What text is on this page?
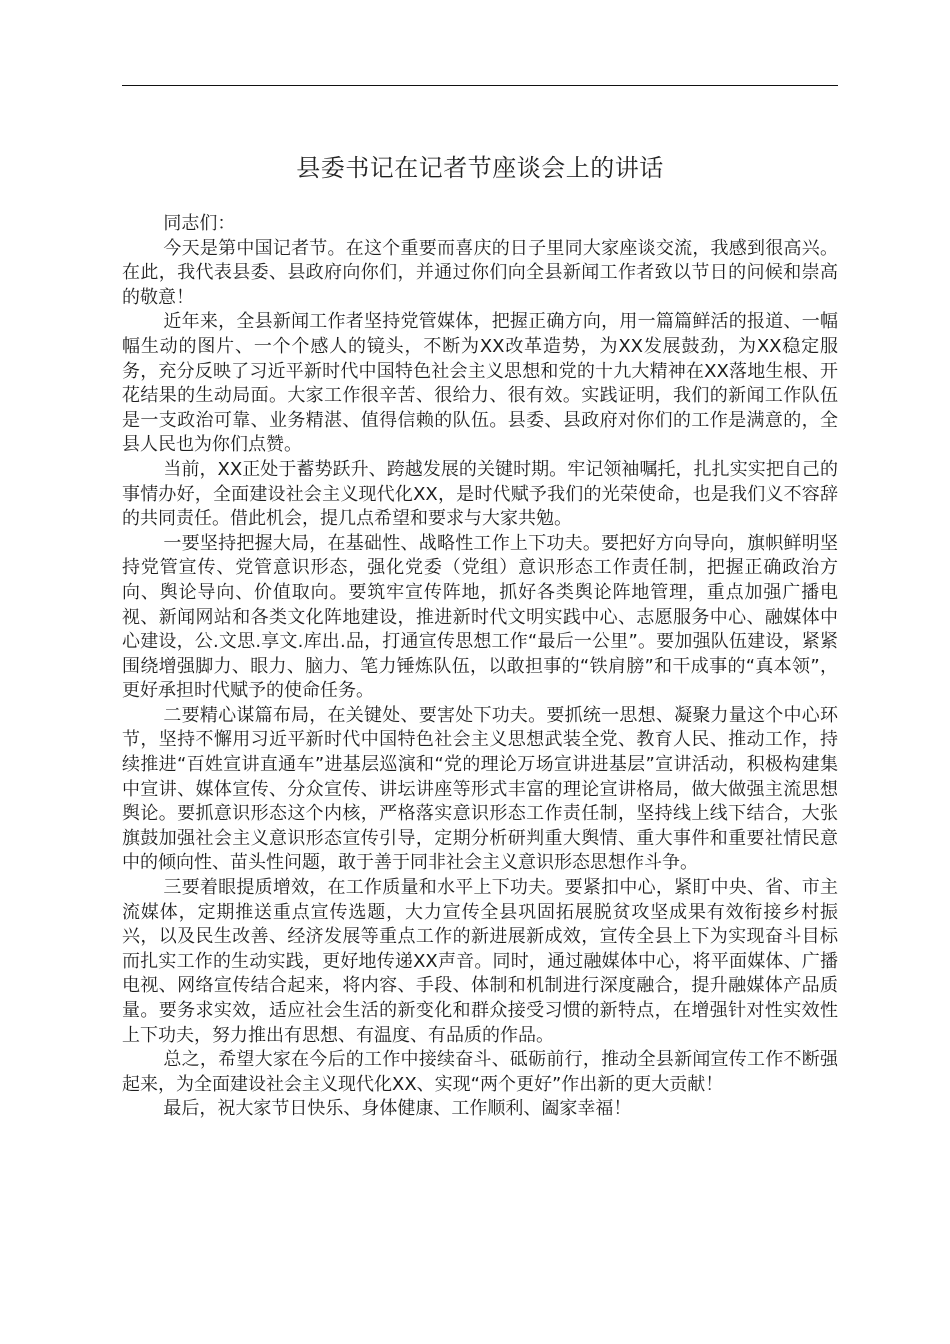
县委书记在记者节座谈会上的讲话

同志们：

今天是第中国记者节。在这个重要而喜庆的日子里同大家座谈交流，我感到很高兴。在此，我代表县委、县政府向你们，并通过你们向全县新闻工作者致以节日的问候和崇高的敬意！

近年来，全县新闻工作者坚持党管媒体，把握正确方向，用一篇篇鲜活的报道、一幅幅生动的图片、一个个感人的镜头，不断为XX改革造势，为XX发展鼓劲，为XX稳定服务，充分反映了习近平新时代中国特色社会主义思想和党的十九大精神在XX落地生根、开花结果的生动局面。大家工作很辛苦、很给力、很有效。实践证明，我们的新闻工作队伍是一支政治可靠、业务精湛、值得信赖的队伍。县委、县政府对你们的工作是满意的，全县人民也为你们点赞。

当前，XX正处于蓄势跃升、跨越发展的关键时期。牢记领袖嘱托，扎扎实实把自己的事情办好，全面建设社会主义现代化XX，是时代赋予我们的光荣使命，也是我们义不容辞的共同责任。借此机会，提几点希望和要求与大家共勉。

一要坚持把握大局，在基础性、战略性工作上下功夫。要把好方向导向，旗帜鲜明坚持党管宣传、党管意识形态，强化党委（党组）意识形态工作责任制，把握正确政治方向、舆论导向、价值取向。要筑牢宣传阵地，抓好各类舆论阵地管理，重点加强广播电视、新闻网站和各类文化阵地建设，推进新时代文明实践中心、志愿服务中心、融媒体中心建设，公.文思.享文.库出.品，打通宣传思想工作“最后一公里”。要加强队伍建设，紧紧围绕增强脚力、眼力、脑力、笔力锤炼队伍，以敢担事的“铁肩膀”和干成事的“真本领”，更好承担时代赋予的使命任务。

二要精心谋篇布局，在关键处、要害处下功夫。要抓统一思想、凝聚力量这个中心环节，坚持不懈用习近平新时代中国特色社会主义思想武装全党、教育人民、推动工作，持续推进“百姓宣讲直通车”进基层巡演和“党的理论万场宣讲进基层”宣讲活动，积极构建集中宣讲、媒体宣传、分众宣传、讲坛讲座等形式丰富的理论宣讲格局，做大做强主流思想舆论。要抓意识形态这个内核，严格落实意识形态工作责任制，坚持线上线下结合，大张旗鼓加强社会主义意识形态宣传引导，定期分析研判重大舆情、重大事件和重要社情民意中的倾向性、苗头性问题，敢于善于同非社会主义意识形态思想作斗争。

三要着眼提质增效，在工作质量和水平上下功夫。要紧扣中心，紧盯中央、省、市主流媒体，定期推送重点宣传选题，大力宣传全县巩固拓展脱贫攻坚成果有效衔接乡村振兴，以及民生改善、经济发展等重点工作的新进展新成效，宣传全县上下为实现奋斗目标而扎实工作的生动实践，更好地传递XX声音。同时，通过融媒体中心，将平面媒体、广播电视、网络宣传结合起来，将内容、手段、体制和机制进行深度融合，提升融媒体产品质量。要务求实效，适应社会生活的新变化和群众接受习惯的新特点，在增强针对性实效性上下功夫，努力推出有思想、有温度、有品质的作品。

总之，希望大家在今后的工作中接续奋斗、砥砺前行，推动全县新闻宣传工作不断强起来，为全面建设社会主义现代化XX、实现“两个更好”作出新的更大贡献！

最后，祝大家节日快乐、身体健康、工作顺利、阖家幸福！
